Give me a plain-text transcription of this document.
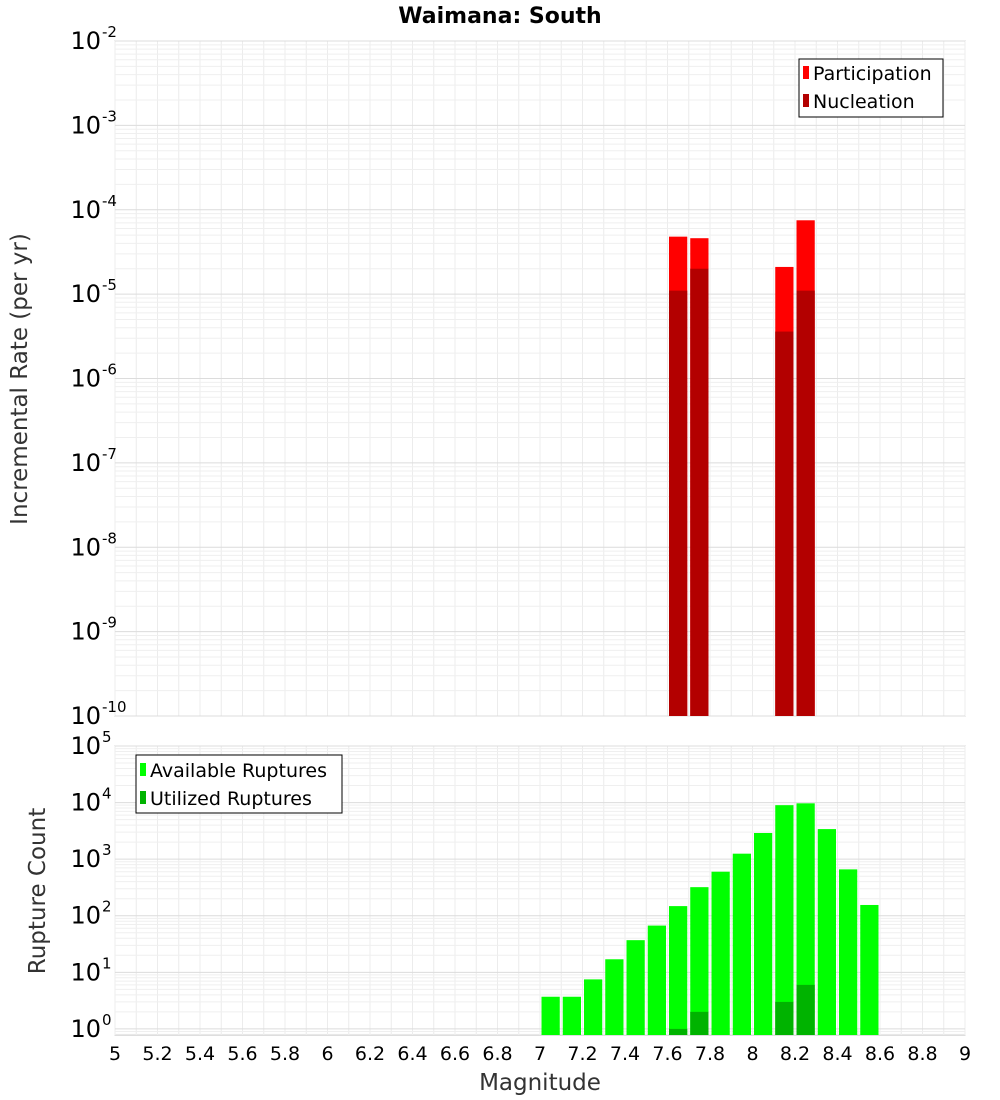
Waimana: South
10 -10
10 -9
10 -8
10 -7
10 -6
10 -5
10 -4
10 -3
10 -2
Incremental Rate (per yr)
Participation
Nucleation
10 0
10 1
10 2
10 3
10 4
10 5
5 5.2 5.4 5.6 5.8 6 6.2 6.4 6.6 6.8 7 7.2 7.4 7.6 7.8 8 8.2 8.4 8.6 8.8 9
Rupture Count
Magnitude
Available Ruptures
Utilized Ruptures
